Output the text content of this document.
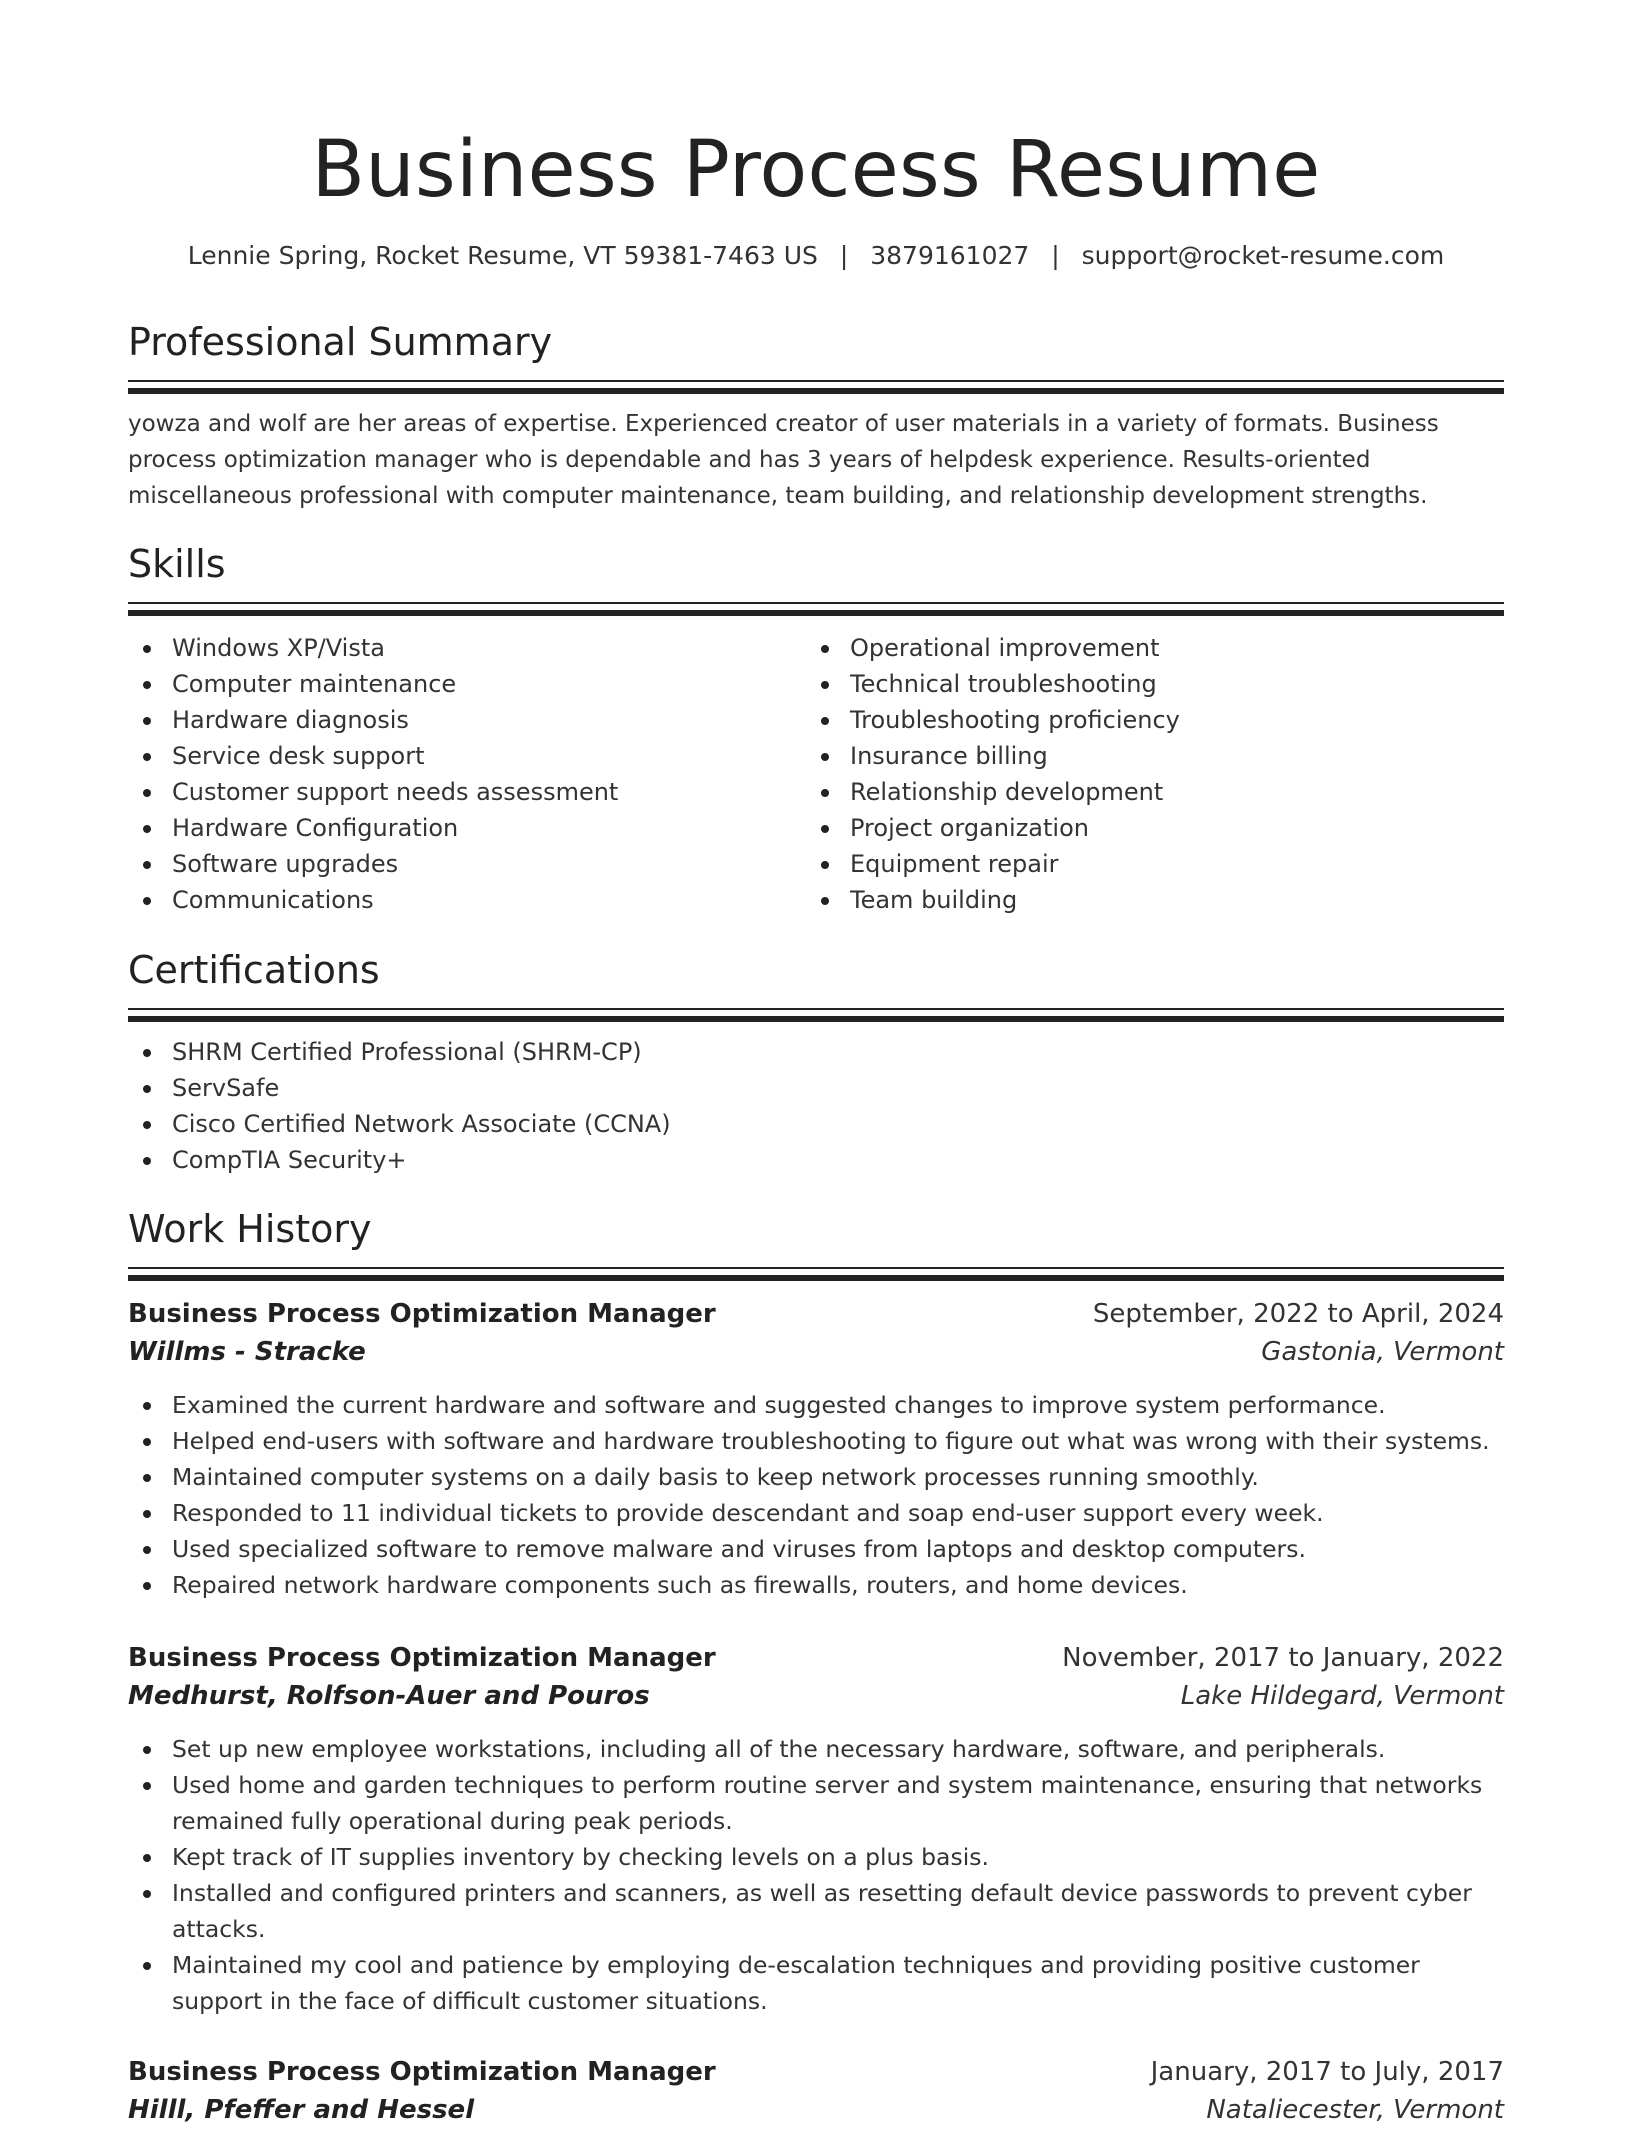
Business Process Resume
Lennie Spring, Rocket Resume, VT 59381-7463 US | 3879161027 | support@rocket-resume.com
Professional Summary
yowza and wolf are her areas of expertise. Experienced creator of user materials in a variety of formats. Business process optimization manager who is dependable and has 3 years of helpdesk experience. Results-oriented miscellaneous professional with computer maintenance, team building, and relationship development strengths.
Skills
Windows XP/Vista
Computer maintenance
Hardware diagnosis
Service desk support
Customer support needs assessment
Hardware Configuration
Software upgrades
Communications
Operational improvement
Technical troubleshooting
Troubleshooting proficiency
Insurance billing
Relationship development
Project organization
Equipment repair
Team building
Certifications
SHRM Certified Professional (SHRM-CP)
ServSafe
Cisco Certified Network Associate (CCNA)
CompTIA Security+
Work History
Business Process Optimization Manager	September, 2022 to April, 2024
Willms - Stracke	Gastonia, Vermont
Examined the current hardware and software and suggested changes to improve system performance.
Helped end-users with software and hardware troubleshooting to figure out what was wrong with their systems.
Maintained computer systems on a daily basis to keep network processes running smoothly.
Responded to 11 individual tickets to provide descendant and soap end-user support every week.
Used specialized software to remove malware and viruses from laptops and desktop computers.
Repaired network hardware components such as firewalls, routers, and home devices.
Business Process Optimization Manager	November, 2017 to January, 2022
Medhurst, Rolfson-Auer and Pouros	Lake Hildegard, Vermont
Set up new employee workstations, including all of the necessary hardware, software, and peripherals.
Used home and garden techniques to perform routine server and system maintenance, ensuring that networks remained fully operational during peak periods.
Kept track of IT supplies inventory by checking levels on a plus basis.
Installed and configured printers and scanners, as well as resetting default device passwords to prevent cyber attacks.
Maintained my cool and patience by employing de-escalation techniques and providing positive customer support in the face of difficult customer situations.
Business Process Optimization Manager	January, 2017 to July, 2017
Hilll, Pfeffer and Hessel	Nataliecester, Vermont
